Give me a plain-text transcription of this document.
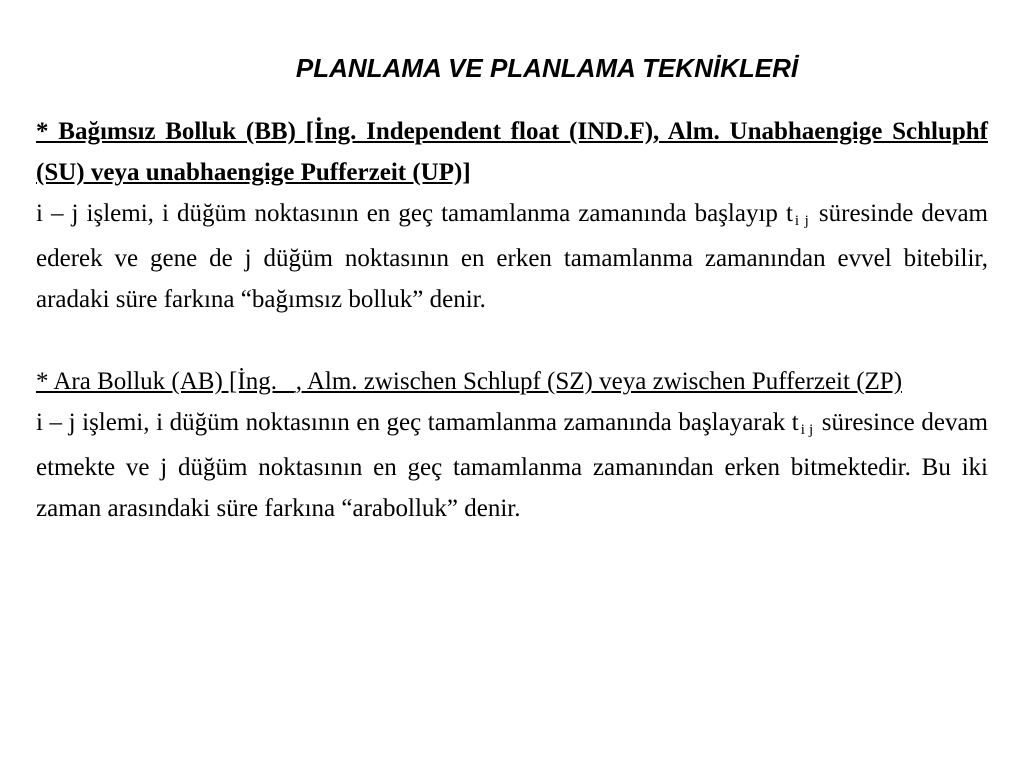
PLANLAMA VE PLANLAMA TEKNİKLERİ

* Bağımsız Bolluk (BB) [İng. Independent float (IND.F), Alm. Unabhaengige Schluphf (SU) veya unabhaengige Pufferzeit (UP)]
i – j işlemi, i düğüm noktasının en geç tamamlanma zamanında başlayıp t i j süresinde devam ederek ve gene de j düğüm noktasının en erken tamamlanma zamanından evvel bitebilir, aradaki süre farkına “bağımsız bolluk” denir.

* Ara Bolluk (AB) [İng. _, Alm. zwischen Schlupf (SZ) veya zwischen Pufferzeit (ZP)
i – j işlemi, i düğüm noktasının en geç tamamlanma zamanında başlayarak t i j süresince devam etmekte ve j düğüm noktasının en geç tamamlanma zamanından erken bitmektedir. Bu iki zaman arasındaki süre farkına “arabolluk” denir.
